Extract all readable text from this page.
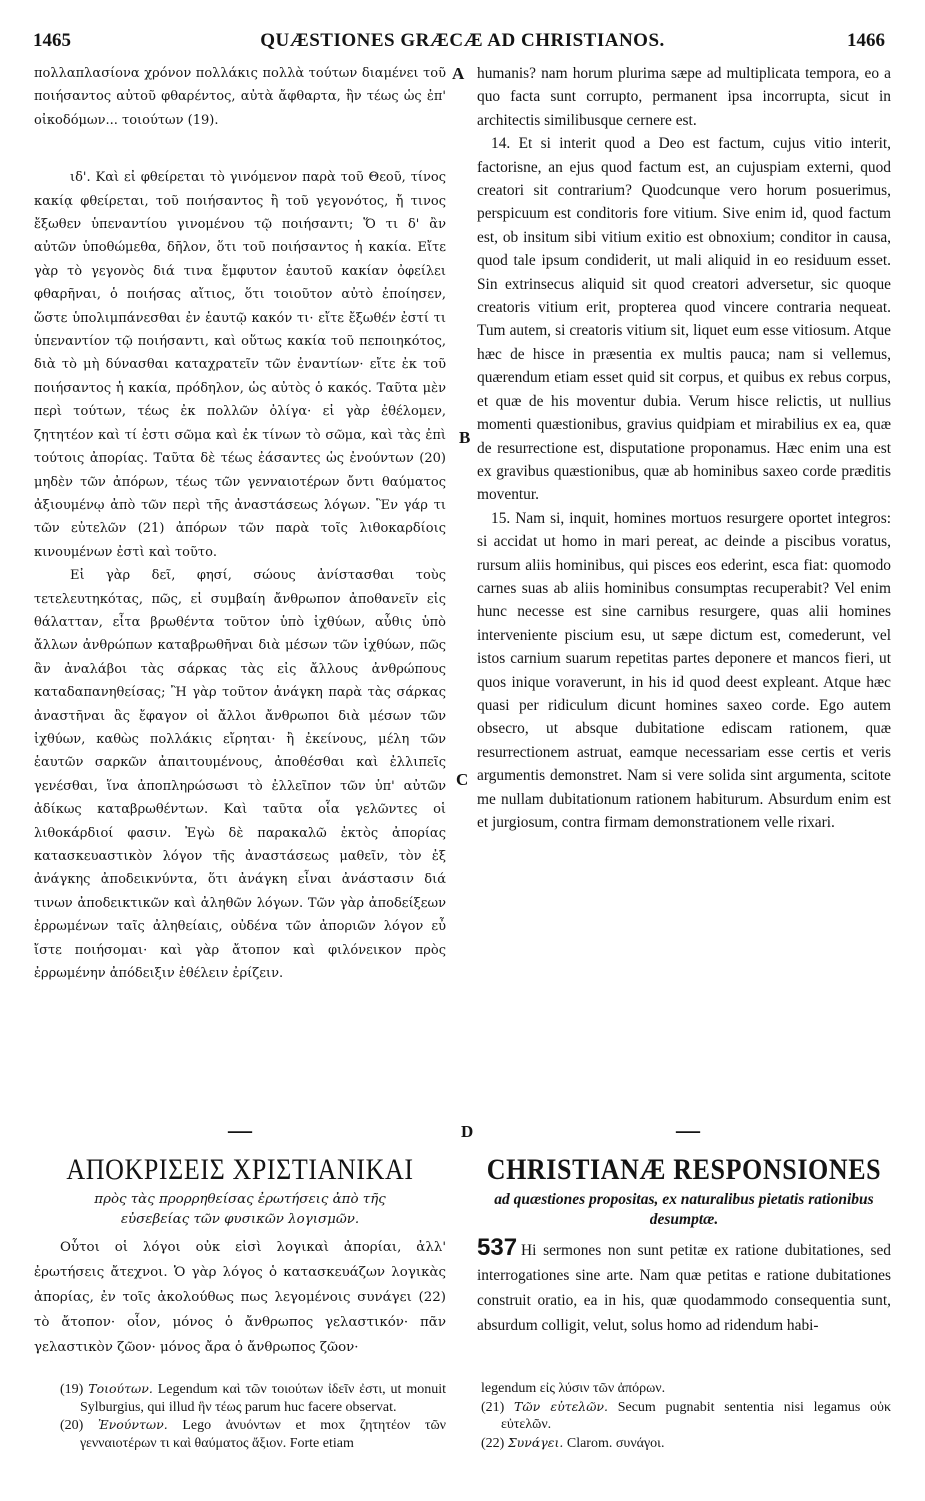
1465	QUÆSTIONES GRÆCÆ AD CHRISTIANOS.	1466
A
B
C
D

πολλαπλασίονα χρόνον πολλάκις πολλὰ τούτων διαμένει τοῦ ποιήσαντος αὐτοῦ φθαρέντος, αὐτὰ ἄφθαρτα, ἣν τέως ὡς ἐπ' οἰκοδόμων... τοιούτων (19).

ιδ'. Καὶ εἰ φθείρεται τὸ γινόμενον παρὰ τοῦ Θεοῦ, τίνος κακίᾳ φθείρεται, τοῦ ποιήσαντος ἢ τοῦ γεγονότος, ἤ τινος ἔξωθεν ὑπεναντίου γινομένου τῷ ποιήσαντι; Ὅ τι δ' ἂν αὐτῶν ὑποθώμεθα, δῆλον, ὅτι τοῦ ποιήσαντος ἡ κακία. Εἴτε γὰρ τὸ γεγονὸς διά τινα ἔμφυτον ἑαυτοῦ κακίαν ὀφείλει φθαρῆναι, ὁ ποιήσας αἴτιος, ὅτι τοιοῦτον αὐτὸ ἐποίησεν, ὥστε ὑπολιμπάνεσθαι ἐν ἑαυτῷ κακόν τι· εἴτε ἔξωθέν ἐστί τι ὑπεναντίον τῷ ποιήσαντι, καὶ οὕτως κακία τοῦ πεποιηκότος, διὰ τὸ μὴ δύνασθαι καταχρατεῖν τῶν ἐναντίων· εἴτε ἐκ τοῦ ποιήσαντος ἡ κακία, πρόδηλον, ὡς αὐτὸς ὁ κακός. Ταῦτα μὲν περὶ τούτων, τέως ἐκ πολλῶν ὀλίγα· εἰ γὰρ ἐθέλομεν, ζητητέον καὶ τί ἐστι σῶμα καὶ ἐκ τίνων τὸ σῶμα, καὶ τὰς ἐπὶ τούτοις ἀπορίας. Ταῦτα δὲ τέως ἐάσαντες ὡς ἐνούντων (20) μηδὲν τῶν ἀπόρων, τέως τῶν γενναιοτέρων ὄντι θαύματος ἀξιουμένῳ ἀπὸ τῶν περὶ τῆς ἀναστάσεως λόγων. Ἓν γάρ τι τῶν εὐτελῶν (21) ἀπόρων τῶν παρὰ τοῖς λιθοκαρδίοις κινουμένων ἐστὶ καὶ τοῦτο.

Εἰ γὰρ δεῖ, φησί, σώους ἀνίστασθαι τοὺς τετελευτηκότας, πῶς, εἰ συμβαίη ἄνθρωπον ἀποθανεῖν εἰς θάλατταν, εἶτα βρωθέντα τοῦτον ὑπὸ ἰχθύων, αὖθις ὑπὸ ἄλλων ἀνθρώπων καταβρωθῆναι διὰ μέσων τῶν ἰχθύων, πῶς ἂν ἀναλάβοι τὰς σάρκας τὰς εἰς ἄλλους ἀνθρώπους καταδαπανηθείσας; Ἢ γὰρ τοῦτον ἀνάγκη παρὰ τὰς σάρκας ἀναστῆναι ἃς ἔφαγον οἱ ἄλλοι ἄνθρωποι διὰ μέσων τῶν ἰχθύων, καθὼς πολλάκις εἴρηται· ἢ ἐκείνους, μέλη τῶν ἑαυτῶν σαρκῶν ἀπαιτουμένους, ἀποθέσθαι καὶ ἐλλιπεῖς γενέσθαι, ἵνα ἀποπληρώσωσι τὸ ἐλλεῖπον τῶν ὑπ' αὐτῶν ἀδίκως καταβρωθέντων. Καὶ ταῦτα οἷα γελῶντες οἱ λιθοκάρδιοί φασιν. Ἐγὼ δὲ παρακαλῶ ἐκτὸς ἀπορίας κατασκευαστικὸν λόγον τῆς ἀναστάσεως μαθεῖν, τὸν ἐξ ἀνάγκης ἀποδεικνύντα, ὅτι ἀνάγκη εἶναι ἀνάστασιν διά τινων ἀποδεικτικῶν καὶ ἀληθῶν λόγων. Τῶν γὰρ ἀποδείξεων ἐρρωμένων ταῖς ἀληθείαις, οὐδένα τῶν ἀποριῶν λόγον εὖ ἴστε ποιήσομαι· καὶ γὰρ ἄτοπον καὶ φιλόνεικον πρὸς ἐρρωμένην ἀπόδειξιν ἐθέλειν ἐρίζειν.

humanis? nam horum plurima sæpe ad multiplicata tempora, eo a quo facta sunt corrupto, permanent ipsa incorrupta, sicut in architectis similibusque cernere est.

14. Et si interit quod a Deo est factum, cujus vitio interit, factorisne, an ejus quod factum est, an cujuspiam externi, quod creatori sit contrarium? Quodcunque vero horum posuerimus, perspicuum est conditoris fore vitium. Sive enim id, quod factum est, ob insitum sibi vitium exitio est obnoxium; conditor in causa, quod tale ipsum condiderit, ut mali aliquid in eo residuum esset. Sin extrinsecus aliquid sit quod creatori adversetur, sic quoque creatoris vitium erit, propterea quod vincere contraria nequeat. Tum autem, si creatoris vitium sit, liquet eum esse vitiosum. Atque hæc de hisce in præsentia ex multis pauca; nam si vellemus, quærendum etiam esset quid sit corpus, et quibus ex rebus corpus, et quæ de his moventur dubia. Verum hisce relictis, ut nullius momenti quæstionibus, gravius quidpiam et mirabilius ex ea, quæ de resurrectione est, disputatione proponamus. Hæc enim una est ex gravibus quæstionibus, quæ ab hominibus saxeo corde præditis moventur.

15. Nam si, inquit, homines mortuos resurgere oportet integros: si accidat ut homo in mari pereat, ac deinde a piscibus voratus, rursum aliis hominibus, qui pisces eos ederint, esca fiat: quomodo carnes suas ab aliis hominibus consumptas recuperabit? Vel enim hunc necesse est sine carnibus resurgere, quas alii homines interveniente piscium esu, ut sæpe dictum est, comederunt, vel istos carnium suarum repetitas partes deponere et mancos fieri, ut quos inique voraverunt, in his id quod deest expleant. Atque hæc quasi per ridiculum dicunt homines saxeo corde. Ego autem obsecro, ut absque dubitatione ediscam rationem, quæ resurrectionem astruat, eamque necessariam esse certis et veris argumentis demonstret. Nam si vere solida sint argumenta, scitote me nullam dubitationum rationem habiturum. Absurdum enim est et jurgiosum, contra firmam demonstrationem velle rixari.

—	—
ΑΠΟΚΡΙΣΕΙΣ ΧΡΙΣΤΙΑΝΙΚΑΙ	CHRISTIANÆ RESPONSIONES
πρὸς τὰς προρρηθείσας ἐρωτήσεις ἀπὸ τῆς εὐσεβείας τῶν φυσικῶν λογισμῶν.
ad quæstiones propositas, ex naturalibus pietatis rationibus desumptæ.
Οὗτοι οἱ λόγοι οὐκ εἰσὶ λογικαὶ ἀπορίαι, ἀλλ' ἐρωτήσεις ἄτεχνοι. Ὁ γὰρ λόγος ὁ κατασκευάζων λογικὰς ἀπορίας, ἐν τοῖς ἀκολούθως πως λεγομένοις συνάγει (22) τὸ ἄτοπον· οἷον, μόνος ὁ ἄνθρωπος γελαστικόν· πᾶν γελαστικὸν ζῶον· μόνος ἄρα ὁ ἄνθρωπος ζῶον·
537 Hi sermones non sunt petitæ ex ratione dubitationes, sed interrogationes sine arte. Nam quæ petitas e ratione dubitationes construit oratio, ea in his, quæ quodammodo consequentia sunt, absurdum colligit, velut, solus homo ad ridendum habi-

(19) Τοιούτων. Legendum καὶ τῶν τοιούτων ἰδεῖν ἐστι, ut monuit Sylburgius, qui illud ἣν τέως parum huc facere observat.

(20) Ἐνούντων. Lego ἀνυόντων et mox ζητητέον τῶν γενναιοτέρων τι καὶ θαύματος ἄξιον. Forte etiam

legendum εἰς λύσιν τῶν ἀπόρων.

(21) Τῶν εὐτελῶν. Secum pugnabit sententia nisi legamus οὐκ εὐτελῶν.

(22) Συνάγει. Clarom. συνάγοι.
